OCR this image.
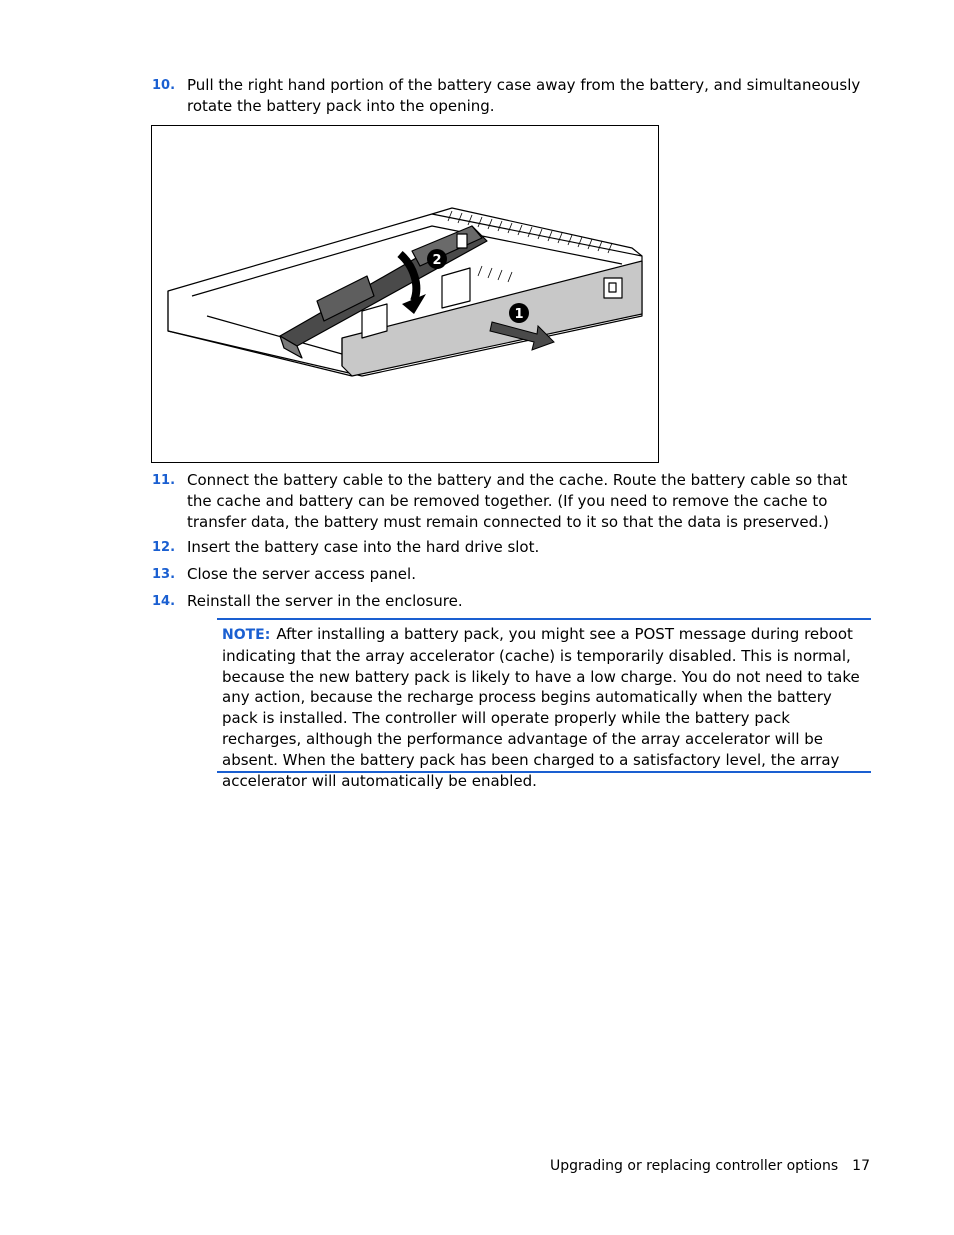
10. Pull the right hand portion of the battery case away from the battery, and simultaneously rotate the battery pack into the opening.
2
1
11. Connect the battery cable to the battery and the cache. Route the battery cable so that the cache and battery can be removed together. (If you need to remove the cache to transfer data, the battery must remain connected to it so that the data is preserved.)
12. Insert the battery case into the hard drive slot.
13. Close the server access panel.
14. Reinstall the server in the enclosure.
NOTE: After installing a battery pack, you might see a POST message during reboot indicating that the array accelerator (cache) is temporarily disabled. This is normal, because the new battery pack is likely to have a low charge. You do not need to take any action, because the recharge process begins automatically when the battery pack is installed. The controller will operate properly while the battery pack recharges, although the performance advantage of the array accelerator will be absent. When the battery pack has been charged to a satisfactory level, the array accelerator will automatically be enabled.
Upgrading or replacing controller options 17
